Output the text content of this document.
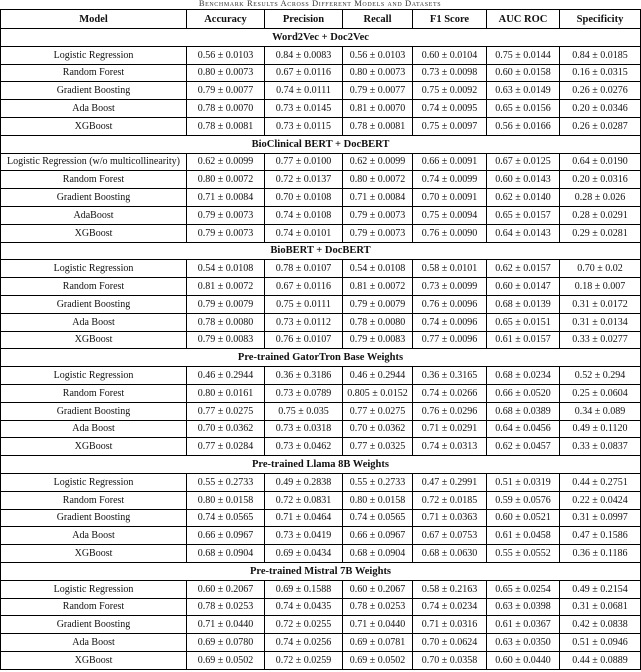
Benchmark Results Across Different Models and Datasets
Model	Accuracy	Precision	Recall	F1 Score	AUC ROC	Specificity
Word2Vec + Doc2Vec						
Logistic Regression	0.56 ± 0.0103	0.84 ± 0.0083	0.56 ± 0.0103	0.60 ± 0.0104	0.75 ± 0.0144	0.84 ± 0.0185
Random Forest	0.80 ± 0.0073	0.67 ± 0.0116	0.80 ± 0.0073	0.73 ± 0.0098	0.60 ± 0.0158	0.16 ± 0.0315
Gradient Boosting	0.79 ± 0.0077	0.74 ± 0.0111	0.79 ± 0.0077	0.75 ± 0.0092	0.63 ± 0.0149	0.26 ± 0.0276
Ada Boost	0.78 ± 0.0070	0.73 ± 0.0145	0.81 ± 0.0070	0.74 ± 0.0095	0.65 ± 0.0156	0.20 ± 0.0346
XGBoost	0.78 ± 0.0081	0.73 ± 0.0115	0.78 ± 0.0081	0.75 ± 0.0097	0.56 ± 0.0166	0.26 ± 0.0287
BioClinical BERT + DocBERT						
Logistic Regression (w/o multicollinearity)	0.62 ± 0.0099	0.77 ± 0.0100	0.62 ± 0.0099	0.66 ± 0.0091	0.67 ± 0.0125	0.64 ± 0.0190
Random Forest	0.80 ± 0.0072	0.72 ± 0.0137	0.80 ± 0.0072	0.74 ± 0.0099	0.60 ± 0.0143	0.20 ± 0.0316
Gradient Boosting	0.71 ± 0.0084	0.70 ± 0.0108	0.71 ± 0.0084	0.70 ± 0.0091	0.62 ± 0.0140	0.28 ± 0.026
AdaBoost	0.79 ± 0.0073	0.74 ± 0.0108	0.79 ± 0.0073	0.75 ± 0.0094	0.65 ± 0.0157	0.28 ± 0.0291
XGBoost	0.79 ± 0.0073	0.74 ± 0.0101	0.79 ± 0.0073	0.76 ± 0.0090	0.64 ± 0.0143	0.29 ± 0.0281
BioBERT + DocBERT						
Logistic Regression	0.54 ± 0.0108	0.78 ± 0.0107	0.54 ± 0.0108	0.58 ± 0.0101	0.62 ± 0.0157	0.70 ± 0.02
Random Forest	0.81 ± 0.0072	0.67 ± 0.0116	0.81 ± 0.0072	0.73 ± 0.0099	0.60 ± 0.0147	0.18 ± 0.007
Gradient Boosting	0.79 ± 0.0079	0.75 ± 0.0111	0.79 ± 0.0079	0.76 ± 0.0096	0.68 ± 0.0139	0.31 ± 0.0172
Ada Boost	0.78 ± 0.0080	0.73 ± 0.0112	0.78 ± 0.0080	0.74 ± 0.0096	0.65 ± 0.0151	0.31 ± 0.0134
XGBoost	0.79 ± 0.0083	0.76 ± 0.0107	0.79 ± 0.0083	0.77 ± 0.0096	0.61 ± 0.0157	0.33 ± 0.0277
Pre-trained GatorTron Base Weights						
Logistic Regression	0.46 ± 0.2944	0.36 ± 0.3186	0.46 ± 0.2944	0.36 ± 0.3165	0.68 ± 0.0234	0.52 ± 0.294
Random Forest	0.80 ± 0.0161	0.73 ± 0.0789	0.805 ± 0.0152	0.74 ± 0.0266	0.66 ± 0.0520	0.25 ± 0.0604
Gradient Boosting	0.77 ± 0.0275	0.75 ± 0.035	0.77 ± 0.0275	0.76 ± 0.0296	0.68 ± 0.0389	0.34 ± 0.089
Ada Boost	0.70 ± 0.0362	0.73 ± 0.0318	0.70 ± 0.0362	0.71 ± 0.0291	0.64 ± 0.0456	0.49 ± 0.1120
XGBoost	0.77 ± 0.0284	0.73 ± 0.0462	0.77 ± 0.0325	0.74 ± 0.0313	0.62 ± 0.0457	0.33 ± 0.0837
Pre-trained Llama 8B Weights						
Logistic Regression	0.55 ± 0.2733	0.49 ± 0.2838	0.55 ± 0.2733	0.47 ± 0.2991	0.51 ± 0.0319	0.44 ± 0.2751
Random Forest	0.80 ± 0.0158	0.72 ± 0.0831	0.80 ± 0.0158	0.72 ± 0.0185	0.59 ± 0.0576	0.22 ± 0.0424
Gradient Boosting	0.74 ± 0.0565	0.71 ± 0.0464	0.74 ± 0.0565	0.71 ± 0.0363	0.60 ± 0.0521	0.31 ± 0.0997
Ada Boost	0.66 ± 0.0967	0.73 ± 0.0419	0.66 ± 0.0967	0.67 ± 0.0753	0.61 ± 0.0458	0.47 ± 0.1586
XGBoost	0.68 ± 0.0904	0.69 ± 0.0434	0.68 ± 0.0904	0.68 ± 0.0630	0.55 ± 0.0552	0.36 ± 0.1186
Pre-trained Mistral 7B Weights						
Logistic Regression	0.60 ± 0.2067	0.69 ± 0.1588	0.60 ± 0.2067	0.58 ± 0.2163	0.65 ± 0.0254	0.49 ± 0.2154
Random Forest	0.78 ± 0.0253	0.74 ± 0.0435	0.78 ± 0.0253	0.74 ± 0.0234	0.63 ± 0.0398	0.31 ± 0.0681
Gradient Boosting	0.71 ± 0.0440	0.72 ± 0.0255	0.71 ± 0.0440	0.71 ± 0.0316	0.61 ± 0.0367	0.42 ± 0.0838
Ada Boost	0.69 ± 0.0780	0.74 ± 0.0256	0.69 ± 0.0781	0.70 ± 0.0624	0.63 ± 0.0350	0.51 ± 0.0946
XGBoost	0.69 ± 0.0502	0.72 ± 0.0259	0.69 ± 0.0502	0.70 ± 0.0358	0.60 ± 0.0440	0.44 ± 0.0889
